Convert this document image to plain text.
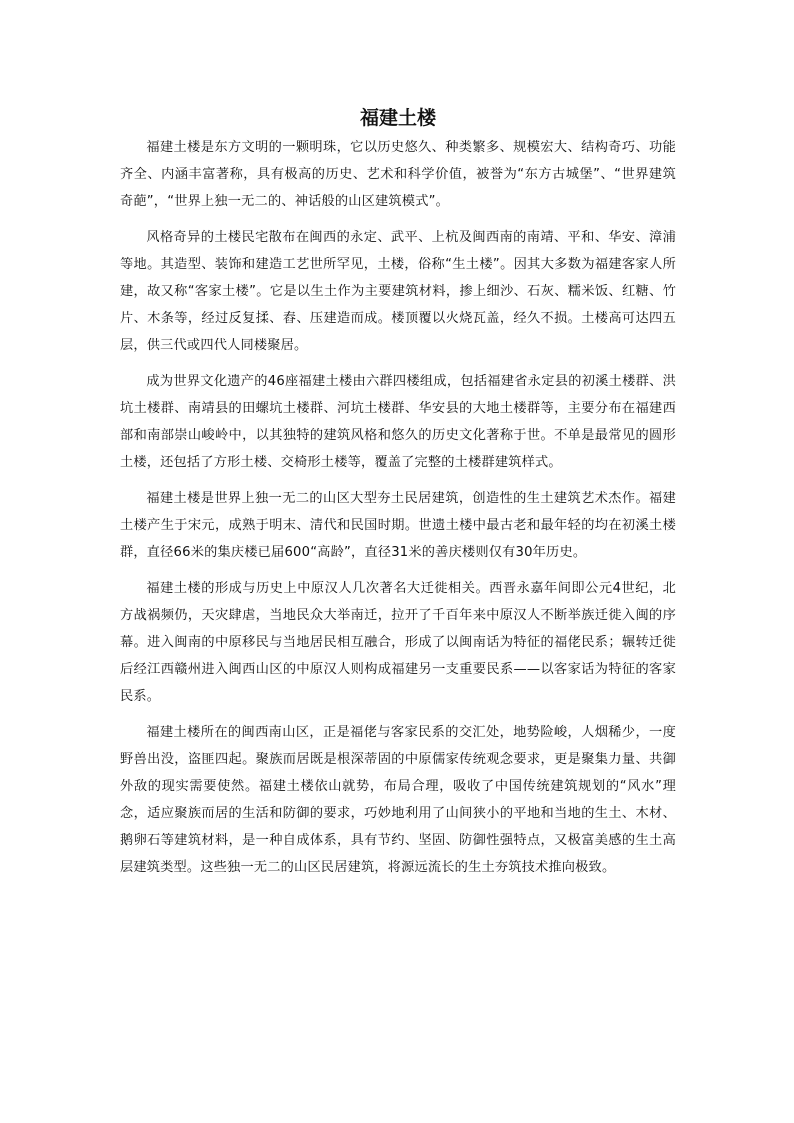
福建土楼

福建土楼是东方文明的一颗明珠，它以历史悠久、种类繁多、规模宏大、结构奇巧、功能齐全、内涵丰富著称，具有极高的历史、艺术和科学价值，被誉为“东方古城堡”、“世界建筑奇葩”，“世界上独一无二的、神话般的山区建筑模式”。

风格奇异的土楼民宅散布在闽西的永定、武平、上杭及闽西南的南靖、平和、华安、漳浦等地。其造型、装饰和建造工艺世所罕见，土楼，俗称“生土楼”。因其大多数为福建客家人所建，故又称“客家土楼”。它是以生土作为主要建筑材料，掺上细沙、石灰、糯米饭、红糖、竹片、木条等，经过反复揉、舂、压建造而成。楼顶覆以火烧瓦盖，经久不损。土楼高可达四五层，供三代或四代人同楼聚居。

成为世界文化遗产的46座福建土楼由六群四楼组成，包括福建省永定县的初溪土楼群、洪坑土楼群、南靖县的田螺坑土楼群、河坑土楼群、华安县的大地土楼群等，主要分布在福建西部和南部崇山峻岭中，以其独特的建筑风格和悠久的历史文化著称于世。不单是最常见的圆形土楼，还包括了方形土楼、交椅形土楼等，覆盖了完整的土楼群建筑样式。

福建土楼是世界上独一无二的山区大型夯土民居建筑，创造性的生土建筑艺术杰作。福建土楼产生于宋元，成熟于明末、清代和民国时期。世遗土楼中最古老和最年轻的均在初溪土楼群，直径66米的集庆楼已届600“高龄”，直径31米的善庆楼则仅有30年历史。

福建土楼的形成与历史上中原汉人几次著名大迁徙相关。西晋永嘉年间即公元4世纪，北方战祸频仍，天灾肆虐，当地民众大举南迁，拉开了千百年来中原汉人不断举族迁徙入闽的序幕。进入闽南的中原移民与当地居民相互融合，形成了以闽南话为特征的福佬民系；辗转迁徙后经江西赣州进入闽西山区的中原汉人则构成福建另一支重要民系——以客家话为特征的客家民系。

福建土楼所在的闽西南山区，正是福佬与客家民系的交汇处，地势险峻，人烟稀少，一度野兽出没，盗匪四起。聚族而居既是根深蒂固的中原儒家传统观念要求，更是聚集力量、共御外敌的现实需要使然。福建土楼依山就势，布局合理，吸收了中国传统建筑规划的“风水”理念，适应聚族而居的生活和防御的要求，巧妙地利用了山间狭小的平地和当地的生土、木材、鹅卵石等建筑材料，是一种自成体系，具有节约、坚固、防御性强特点，又极富美感的生土高层建筑类型。这些独一无二的山区民居建筑，将源远流长的生土夯筑技术推向极致。
